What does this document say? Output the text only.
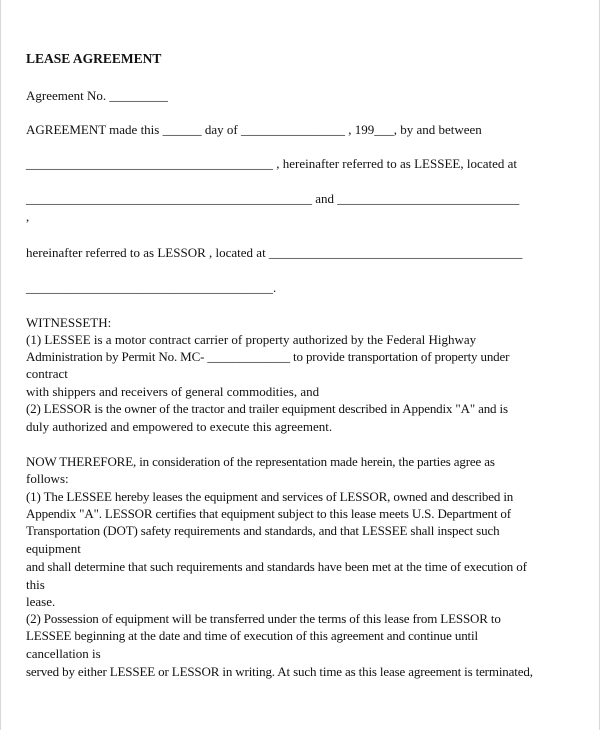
LEASE AGREEMENT
Agreement No. _________
AGREEMENT made this ______ day of ________________ , 199___, by and between
______________________________________ , hereinafter referred to as LESSEE, located at
____________________________________________ and ____________________________
,
hereinafter referred to as LESSOR , located at _______________________________________
______________________________________.
WITNESSETH:
(1) LESSEE is a motor contract carrier of property authorized by the Federal Highway
Administration by Permit No. MC- _____________ to provide transportation of property under
contract
with shippers and receivers of general commodities, and
(2) LESSOR is the owner of the tractor and trailer equipment described in Appendix "A" and is
duly authorized and empowered to execute this agreement.
NOW THEREFORE, in consideration of the representation made herein, the parties agree as
follows:
(1) The LESSEE hereby leases the equipment and services of LESSOR, owned and described in
Appendix "A". LESSOR certifies that equipment subject to this lease meets U.S. Department of
Transportation (DOT) safety requirements and standards, and that LESSEE shall inspect such
equipment
and shall determine that such requirements and standards have been met at the time of execution of
this
lease.
(2) Possession of equipment will be transferred under the terms of this lease from LESSOR to
LESSEE beginning at the date and time of execution of this agreement and continue until
cancellation is
served by either LESSEE or LESSOR in writing. At such time as this lease agreement is terminated,
